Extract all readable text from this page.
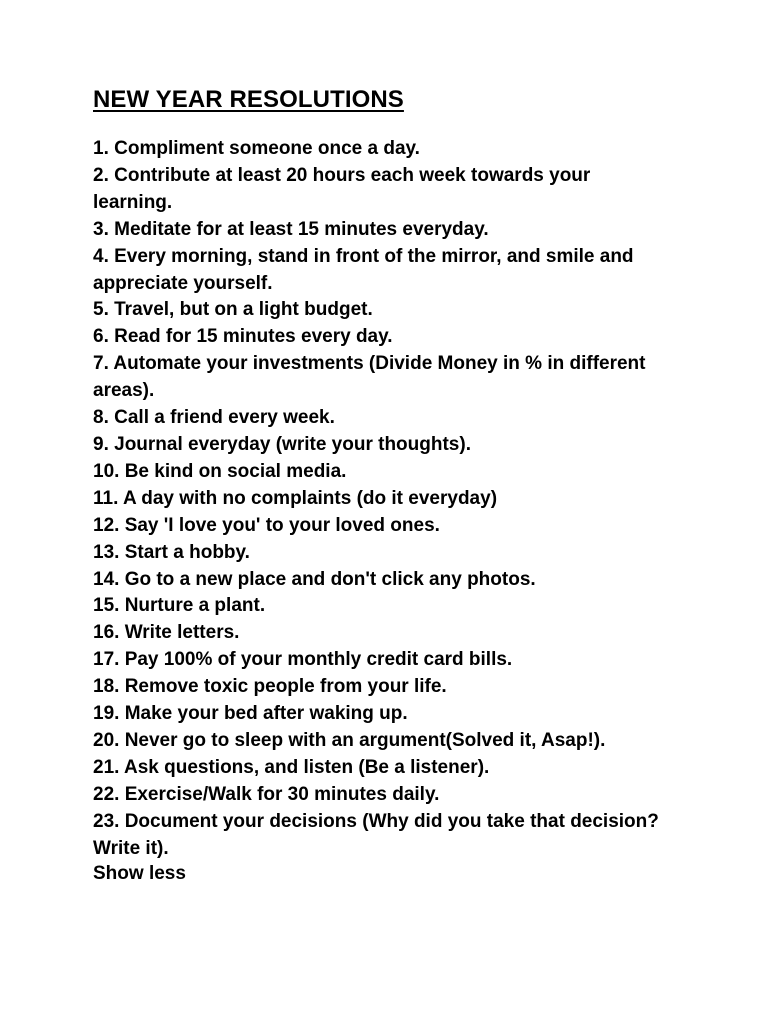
NEW YEAR RESOLUTIONS
1. Compliment someone once a day.
2. Contribute at least 20 hours each week towards your
learning.
3. Meditate for at least 15 minutes everyday.
4. Every morning, stand in front of the mirror, and smile and
appreciate yourself.
5. Travel, but on a light budget.
6. Read for 15 minutes every day.
7. Automate your investments (Divide Money in % in different
areas).
8. Call a friend every week.
9. Journal everyday (write your thoughts).
10. Be kind on social media.
11. A day with no complaints (do it everyday)
12. Say 'I love you' to your loved ones.
13. Start a hobby.
14. Go to a new place and don't click any photos.
15. Nurture a plant.
16. Write letters.
17. Pay 100% of your monthly credit card bills.
18. Remove toxic people from your life.
19. Make your bed after waking up.
20. Never go to sleep with an argument(Solved it, Asap!).
21. Ask questions, and listen (Be a listener).
22. Exercise/Walk for 30 minutes daily.
23. Document your decisions (Why did you take that decision?
Write it).
Show less
